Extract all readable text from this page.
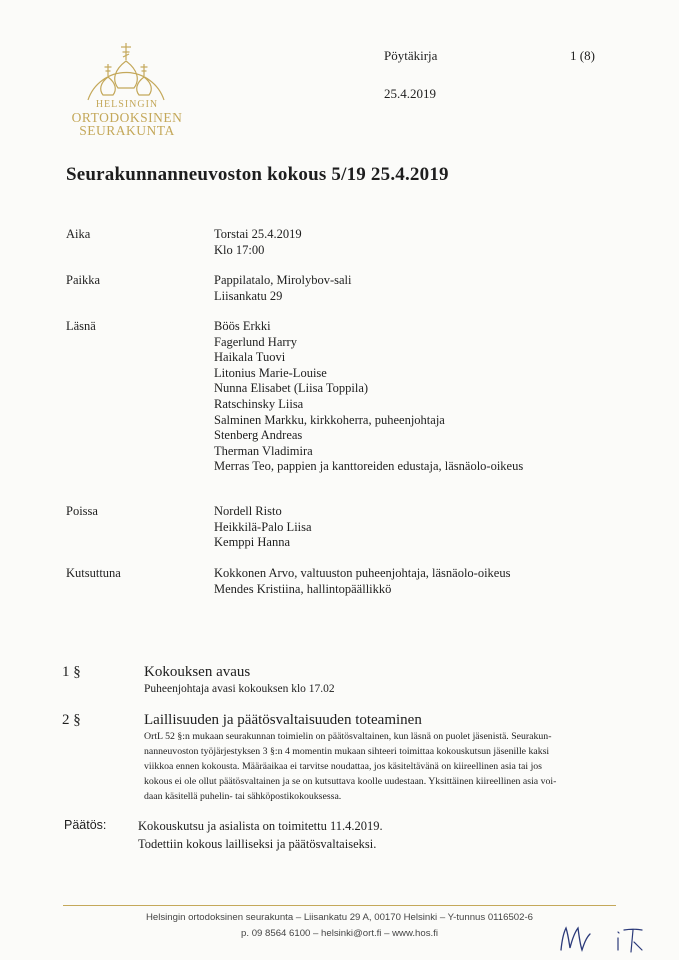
HELSINGIN
ORTODOKSINEN
SEURAKUNTA
Pöytäkirja	1 (8)
25.4.2019
Seurakunnanneuvoston kokous 5/19 25.4.2019
Aika	Torstai 25.4.2019
Klo 17:00
Paikka	Pappilatalo, Mirolybov-sali
Liisankatu 29
Läsnä	Böös Erkki
Fagerlund Harry
Haikala Tuovi
Litonius Marie-Louise
Nunna Elisabet (Liisa Toppila)
Ratschinsky Liisa
Salminen Markku, kirkkoherra, puheenjohtaja
Stenberg Andreas
Therman Vladimira
Merras Teo, pappien ja kanttoreiden edustaja, läsnäolo-oikeus
Poissa	Nordell Risto
Heikkilä-Palo Liisa
Kemppi Hanna
Kutsuttuna	Kokkonen Arvo, valtuuston puheenjohtaja, läsnäolo-oikeus
Mendes Kristiina, hallintopäällikkö
1 §	Kokouksen avaus
Puheenjohtaja avasi kokouksen klo 17.02
2 §	Laillisuuden ja päätösvaltaisuuden toteaminen
OrtL 52 §:n mukaan seurakunnan toimielin on päätösvaltainen, kun läsnä on puolet jäsenistä. Seurakun-
nanneuvoston työjärjestyksen 3 §:n 4 momentin mukaan sihteeri toimittaa kokouskutsun jäsenille kaksi
viikkoa ennen kokousta. Määräaikaa ei tarvitse noudattaa, jos käsiteltävänä on kiireellinen asia tai jos
kokous ei ole ollut päätösvaltainen ja se on kutsuttava koolle uudestaan. Yksittäinen kiireellinen asia voi-
daan käsitellä puhelin- tai sähköpostikokouksessa.
Päätös:	Kokouskutsu ja asialista on toimitettu 11.4.2019.
Todettiin kokous lailliseksi ja päätösvaltaiseksi.
Helsingin ortodoksinen seurakunta – Liisankatu 29 A, 00170 Helsinki – Y-tunnus 0116502-6
p. 09 8564 6100 – helsinki@ort.fi – www.hos.fi
